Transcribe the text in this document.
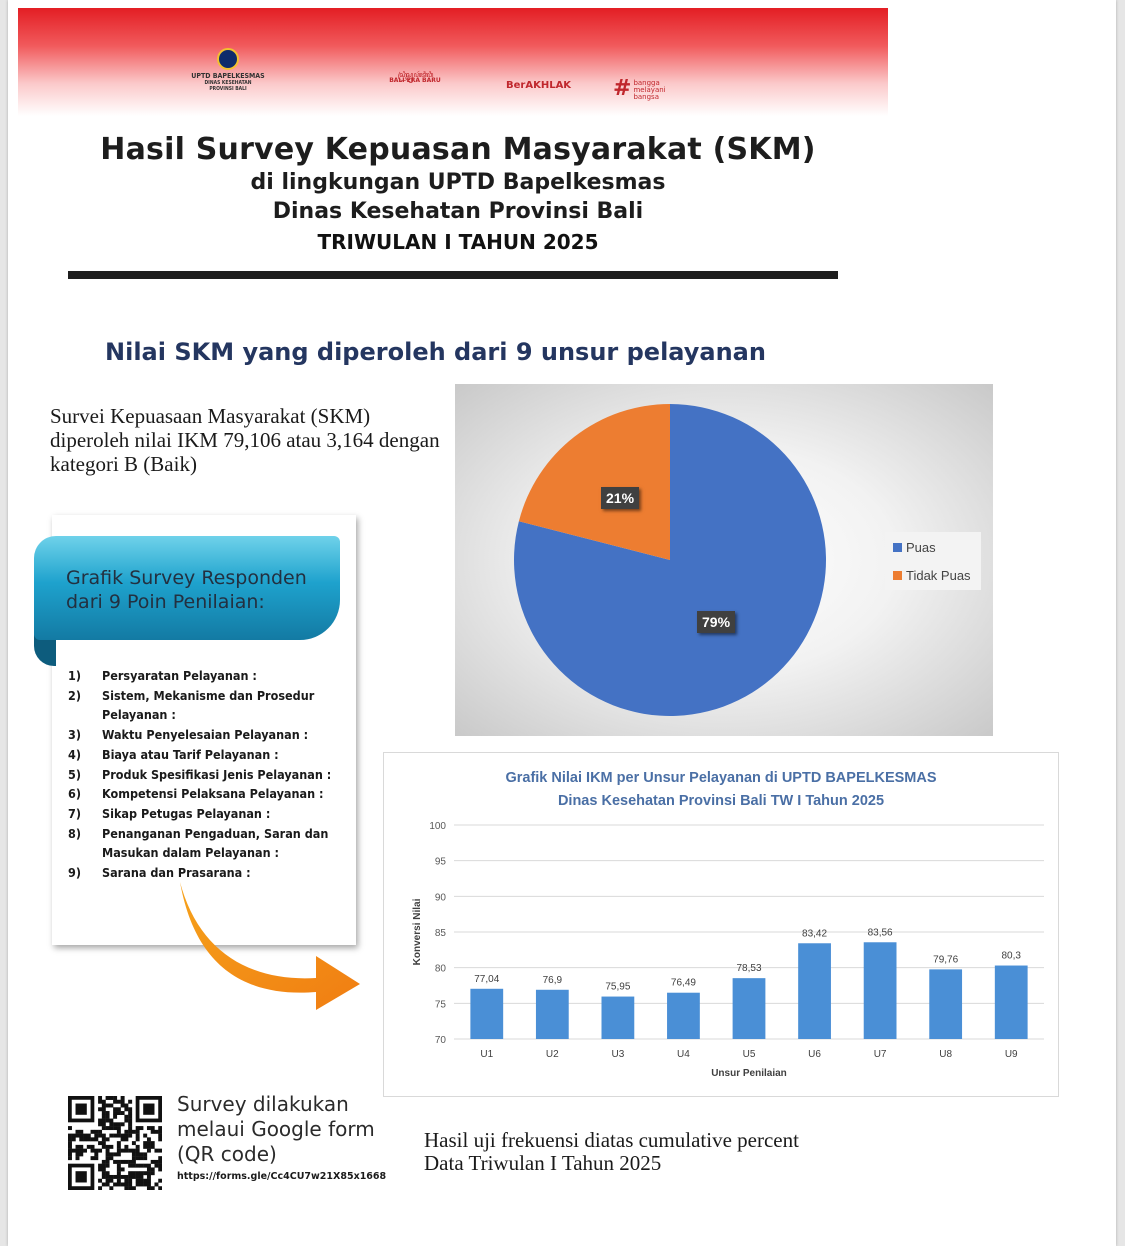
UPTD BAPELKESMAS
DINAS KESEHATAN
PROVINSI BALI
ꦱꦿꦶꦱ꧀ꦤ ꦥꦂꦠꦶꦮꦶ
BALI ERA BARU	BerAKHLAK # bangga
melayani
bangsa
Hasil Survey Kepuasan Masyarakat (SKM)
di lingkungan UPTD Bapelkesmas
Dinas Kesehatan Provinsi Bali
TRIWULAN I TAHUN 2025
Nilai SKM yang diperoleh dari 9 unsur pelayanan
Survei Kepuasaan Masyarakat (SKM) diperoleh nilai IKM 79,106 atau 3,164 dengan kategori B (Baik)
Puas
Tidak Puas
21%
79%
Grafik Survey Responden dari 9 Poin Penilaian:
1)	Persyaratan Pelayanan :
2)	Sistem, Mekanisme dan Prosedur Pelayanan :
3)	Waktu Penyelesaian Pelayanan :
4)	Biaya atau Tarif Pelayanan :
5)	Produk Spesifikasi Jenis Pelayanan :
6)	Kompetensi Pelaksana Pelayanan :
7)	Sikap Petugas Pelayanan :
8)	Penanganan Pengaduan, Saran dan Masukan dalam Pelayanan :
9)	Sarana dan Prasarana :
Grafik Nilai IKM per Unsur Pelayanan di UPTD BAPELKESMAS
Dinas Kesehatan Provinsi Bali TW I Tahun 2025
70
75
80
85
90
95
100
77,04
U1
76,9
U2
75,95
U3
76,49
U4
78,53
U5
83,42
U6
83,56
U7
79,76
U8
80,3
U9
Unsur Penilaian
Konversi Nilai
Survey dilakukan melaui Google form (QR code)
https://forms.gle/Cc4CU7w21X85x1668
Hasil uji frekuensi diatas cumulative percent
Data Triwulan I Tahun 2025
